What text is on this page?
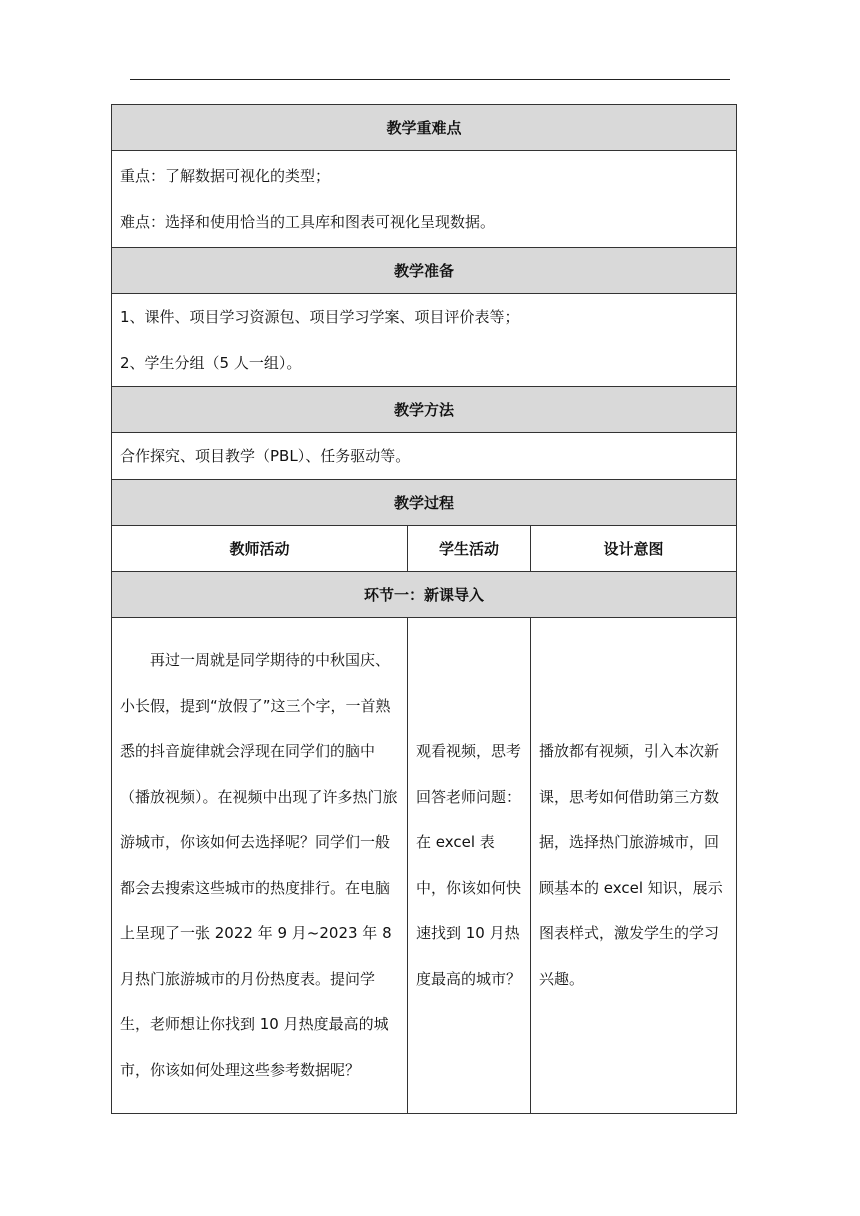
教学重难点		

重点：了解数据可视化的类型；
难点：选择和使用恰当的工具库和图表可视化呈现数据。		

教学准备		

1、课件、项目学习资源包、项目学习学案、项目评价表等；
2、学生分组（5 人一组）。		

教学方法		

合作探究、项目教学（PBL）、任务驱动等。		

教学过程		
教师活动	学生活动	设计意图
环节一：新课导入		
再过一周就是同学期待的中秋国庆、小长假，提到“放假了”这三个字，一首熟悉的抖音旋律就会浮现在同学们的脑中（播放视频）。在视频中出现了许多热门旅游城市，你该如何去选择呢？同学们一般都会去搜索这些城市的热度排行。在电脑上呈现了一张 2022 年 9 月~2023 年 8 月热门旅游城市的月份热度表。提问学生，老师想让你找到 10 月热度最高的城市，你该如何处理这些参考数据呢？	观看视频，思考回答老师问题：在 excel 表中，你该如何快速找到 10 月热度最高的城市？	播放都有视频，引入本次新课，思考如何借助第三方数据，选择热门旅游城市，回顾基本的 excel 知识，展示图表样式，激发学生的学习兴趣。
